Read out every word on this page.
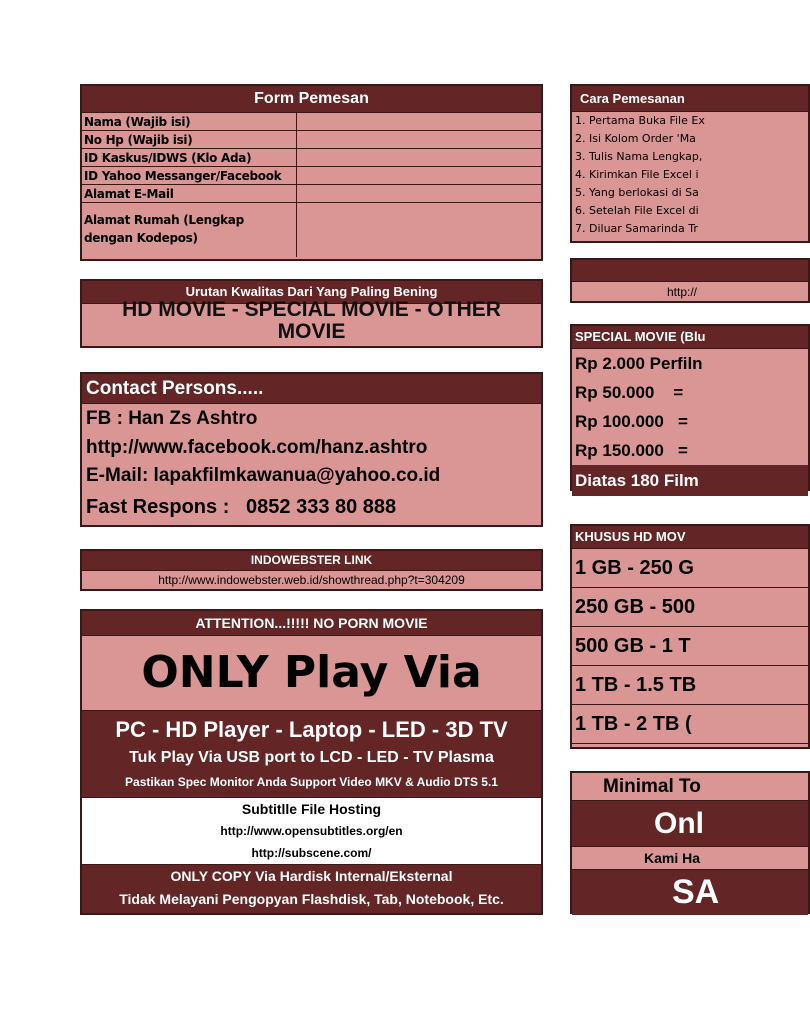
Form Pemesan
Nama (Wajib isi)
No Hp (Wajib isi)
ID Kaskus/IDWS (Klo Ada)
ID Yahoo Messanger/Facebook
Alamat E-Mail
Alamat Rumah (Lengkap dengan Kodepos)
Urutan Kwalitas Dari Yang Paling Bening
HD MOVIE - SPECIAL MOVIE - OTHER MOVIE
Contact Persons.....
FB : Han Zs Ashtro
http://www.facebook.com/hanz.ashtro
E-Mail: lapakfilmkawanua@yahoo.co.id
Fast Respons :   0852 333 80 888
INDOWEBSTER LINK
http://www.indowebster.web.id/showthread.php?t=304209
ATTENTION...!!!!! NO PORN MOVIE
ONLY Play Via
PC - HD Player - Laptop - LED - 3D TV
Tuk Play Via USB port to LCD - LED - TV Plasma
Pastikan Spec Monitor Anda Support Video MKV & Audio DTS 5.1
Subtitlle File Hosting
http://www.opensubtitles.org/en
http://subscene.com/
ONLY COPY Via Hardisk Internal/Eksternal
Tidak Melayani Pengopyan Flashdisk, Tab, Notebook, Etc.
Cara Pemesanan
1. Pertama Buka File Ex
2. Isi Kolom Order 'Ma
3. Tulis Nama Lengkap,
4. Kirimkan File Excel i
5. Yang berlokasi di Sa
6. Setelah File Excel di
7. Diluar Samarinda Tr
http://
SPECIAL MOVIE (Blu
Rp 2.000 Perfiln
Rp 50.000    =
Rp 100.000   =
Rp 150.000   =
Diatas 180 Film
KHUSUS HD MOV
1 GB - 250 G
250 GB - 500
500 GB - 1 T
1 TB - 1.5 TB
1 TB - 2 TB (
Minimal To
Onl
Kami Ha
SA
